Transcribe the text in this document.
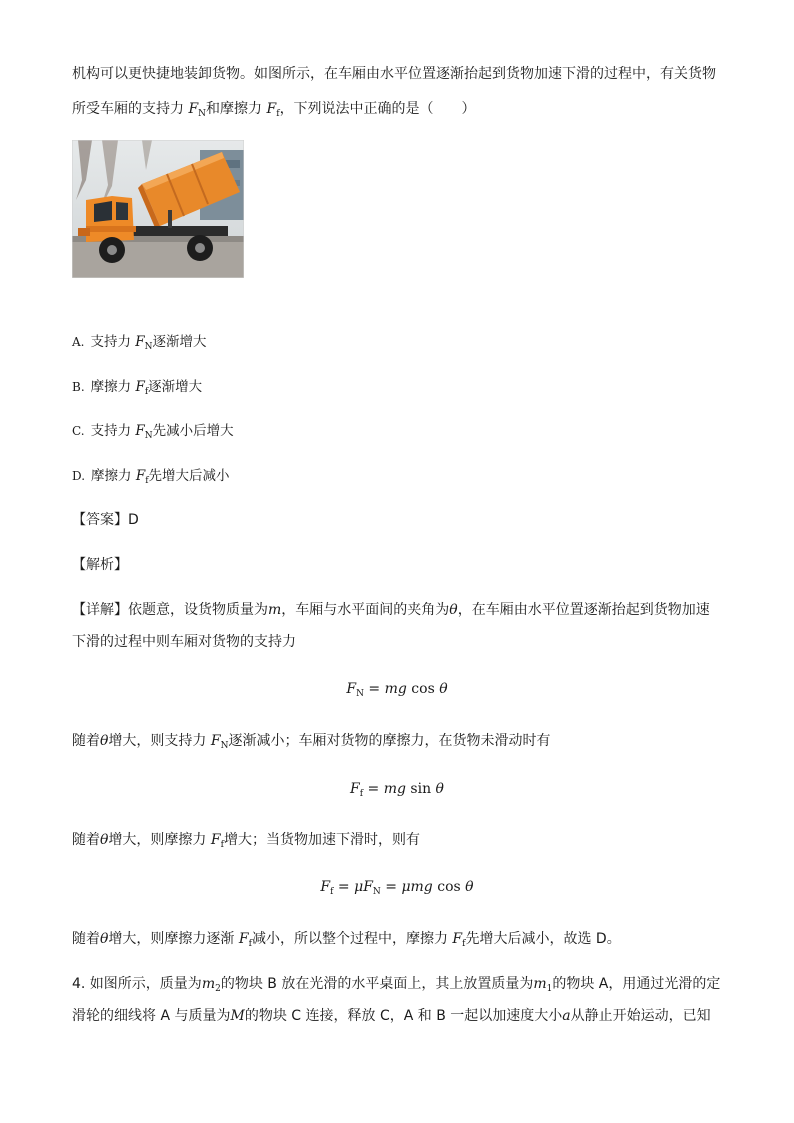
机构可以更快捷地装卸货物。如图所示，在车厢由水平位置逐渐抬起到货物加速下滑的过程中，有关货物
所受车厢的支持力 $F_N$和摩擦力 $F_f$，下列说法中正确的是（　　）
A. 支持力 $F_N$逐渐增大
B. 摩擦力 $F_f$逐渐增大
C. 支持力 $F_N$先减小后增大
D. 摩擦力 $F_f$先增大后减小
【答案】D
【解析】
【详解】依题意，设货物质量为m，车厢与水平面间的夹角为θ，在车厢由水平位置逐渐抬起到货物加速
下滑的过程中则车厢对货物的支持力
$F_N$ = mg cos θ
随着θ增大，则支持力 $F_N$逐渐减小；车厢对货物的摩擦力，在货物未滑动时有
$F_f$ = mg sin θ
随着θ增大，则摩擦力 $F_f$增大；当货物加速下滑时，则有
$F_f = \mu F_N = \mu mg$ cos θ
随着θ增大，则摩擦力逐渐 $F_f$减小，所以整个过程中，摩擦力 $F_f$先增大后减小，故选 D。
4. 如图所示，质量为$m_2$的物块 B 放在光滑的水平桌面上，其上放置质量为$m_1$的物块 A，用通过光滑的定
滑轮的细线将 A 与质量为M的物块 C 连接，释放 C，A 和 B 一起以加速度大小a从静止开始运动，已知
